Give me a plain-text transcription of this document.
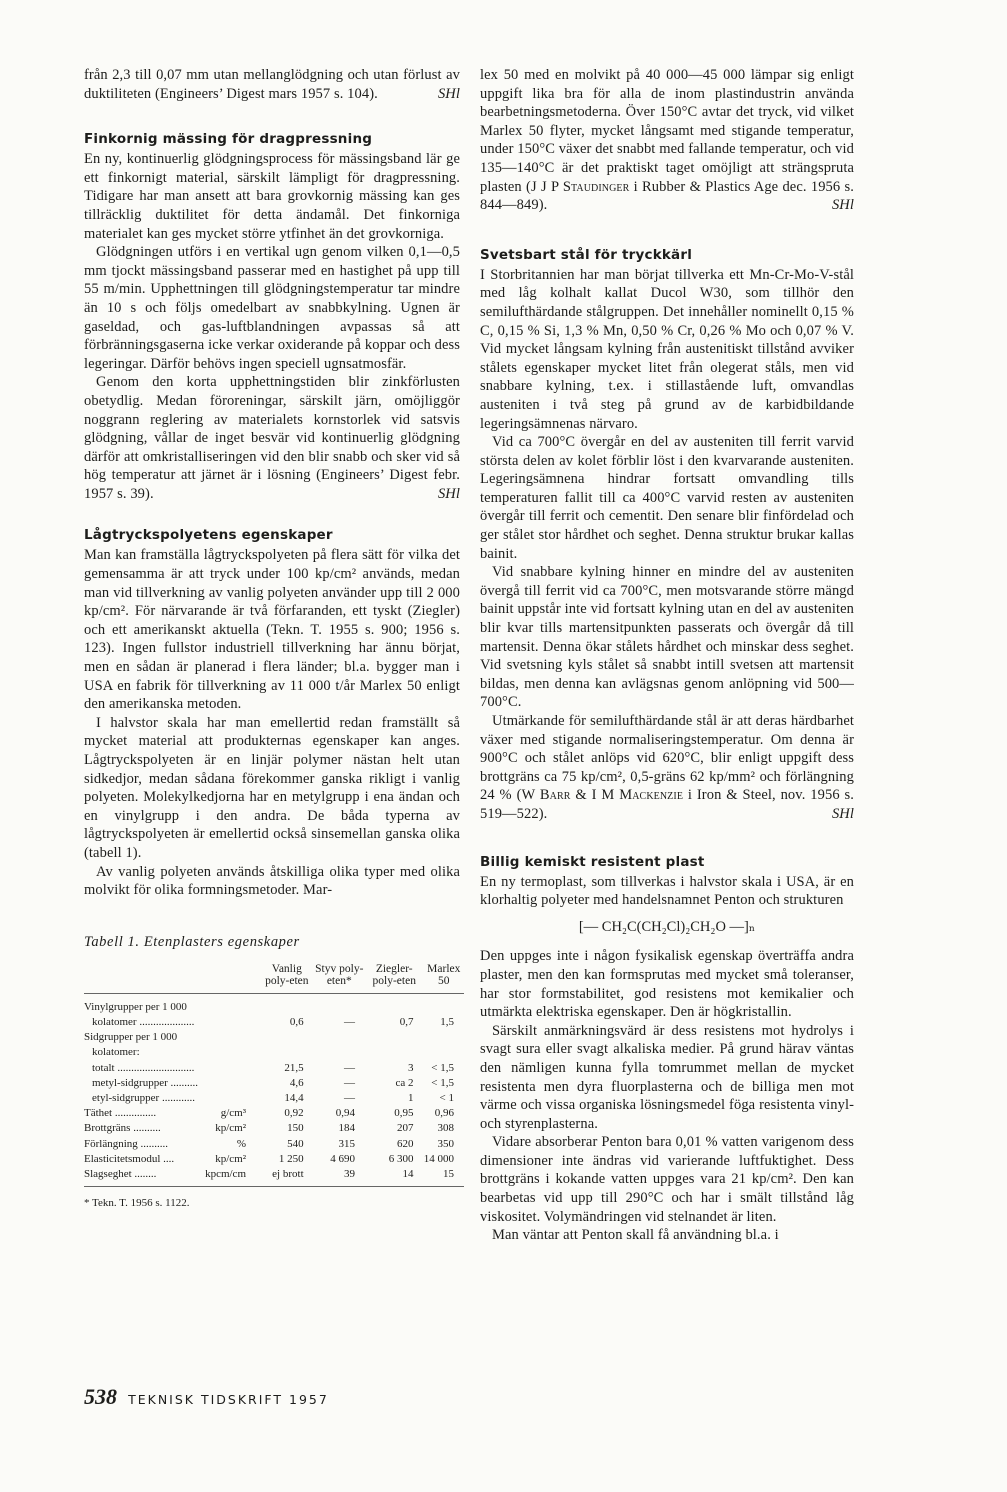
från 2,3 till 0,07 mm utan mellanglödgning och utan förlust av duktiliteten (Engineers’ Digest mars 1957 s. 104).	SHl

Finkornig mässing för dragpressning

En ny, kontinuerlig glödgningsprocess för mässingsband lär ge ett finkornigt material, särskilt lämpligt för dragpressning. Tidigare har man ansett att bara grovkornig mässing kan ges tillräcklig duktilitet för detta ändamål. Det finkorniga materialet kan ges mycket större ytfinhet än det grovkorniga.

Glödgningen utförs i en vertikal ugn genom vilken 0,1—0,5 mm tjockt mässingsband passerar med en hastighet på upp till 55 m/min. Upphettningen till glödgningstemperatur tar mindre än 10 s och följs omedelbart av snabbkylning. Ugnen är gaseldad, och gas-luftblandningen avpassas så att förbränningsgaserna icke verkar oxiderande på koppar och dess legeringar. Därför behövs ingen speciell ugnsatmosfär.

Genom den korta upphettningstiden blir zinkförlusten obetydlig. Medan föroreningar, särskilt järn, omöjliggör noggrann reglering av materialets kornstorlek vid satsvis glödgning, vållar de inget besvär vid kontinuerlig glödgning därför att omkristalliseringen vid den blir snabb och sker vid så hög temperatur att järnet är i lösning (Engineers’ Digest febr. 1957 s. 39).	SHl

Lågtryckspolyetens egenskaper

Man kan framställa lågtryckspolyeten på flera sätt för vilka det gemensamma är att tryck under 100 kp/cm² används, medan man vid tillverkning av vanlig polyeten använder upp till 2 000 kp/cm². För närvarande är två förfaranden, ett tyskt (Ziegler) och ett amerikanskt aktuella (Tekn. T. 1955 s. 900; 1956 s. 123). Ingen fullstor industriell tillverkning har ännu börjat, men en sådan är planerad i flera länder; bl.a. bygger man i USA en fabrik för tillverkning av 11 000 t/år Marlex 50 enligt den amerikanska metoden.

I halvstor skala har man emellertid redan framställt så mycket material att produkternas egenskaper kan anges. Lågtryckspolyeten är en linjär polymer nästan helt utan sidkedjor, medan sådana förekommer ganska rikligt i vanlig polyeten. Molekylkedjorna har en metylgrupp i ena ändan och en vinylgrupp i den andra. De båda typerna av lågtryckspolyeten är emellertid också sinsemellan ganska olika (tabell 1).

Av vanlig polyeten används åtskilliga olika typer med olika molvikt för olika formningsmetoder. Mar-

Tabell 1. Etenplasters egenskaper
		Vanlig poly-eten	Styv poly-eten*	Ziegler-poly-eten	Marlex 50
Vinylgrupper per 1 000					
kolatomer ....................		0,6	—	0,7	1,5
Sidgrupper per 1 000					
kolatomer:					
totalt ............................		21,5	—	3	< 1,5
metyl-sidgrupper ..........		4,6	—	ca 2	< 1,5
etyl-sidgrupper ............		14,4	—	1	< 1
Täthet ...............	g/cm³	0,92	0,94	0,95	0,96
Brottgräns ..........	kp/cm²	150	184	207	308
Förlängning ..........	%	540	315	620	350
Elasticitetsmodul ....	kp/cm²	1 250	4 690	6 300	14 000
Slagseghet ........	kpcm/cm	ej brott	39	14	15
* Tekn. T. 1956 s. 1122.

lex 50 med en molvikt på 40 000—45 000 lämpar sig enligt uppgift lika bra för alla de inom plastindustrin använda bearbetningsmetoderna. Över 150°C avtar det tryck, vid vilket Marlex 50 flyter, mycket långsamt med stigande temperatur, under 150°C växer det snabbt med fallande temperatur, och vid 135—140°C är det praktiskt taget omöjligt att strängspruta plasten (J J P Staudinger i Rubber & Plastics Age dec. 1956 s. 844—849).	SHl

Svetsbart stål för tryckkärl

I Storbritannien har man börjat tillverka ett Mn-Cr-Mo-V-stål med låg kolhalt kallat Ducol W30, som tillhör den semilufthärdande stålgruppen. Det innehåller nominellt 0,15 % C, 0,15 % Si, 1,3 % Mn, 0,50 % Cr, 0,26 % Mo och 0,07 % V. Vid mycket långsam kylning från austenitiskt tillstånd avviker stålets egenskaper mycket litet från olegerat ståls, men vid snabbare kylning, t.ex. i stillastående luft, omvandlas austeniten i två steg på grund av de karbidbildande legeringsämnenas närvaro.

Vid ca 700°C övergår en del av austeniten till ferrit varvid största delen av kolet förblir löst i den kvarvarande austeniten. Legeringsämnena hindrar fortsatt omvandling tills temperaturen fallit till ca 400°C varvid resten av austeniten övergår till ferrit och cementit. Den senare blir finfördelad och ger stålet stor hårdhet och seghet. Denna struktur brukar kallas bainit.

Vid snabbare kylning hinner en mindre del av austeniten övergå till ferrit vid ca 700°C, men motsvarande större mängd bainit uppstår inte vid fortsatt kylning utan en del av austeniten blir kvar tills martensitpunkten passerats och övergår då till martensit. Denna ökar stålets hårdhet och minskar dess seghet. Vid svetsning kyls stålet så snabbt intill svetsen att martensit bildas, men denna kan avlägsnas genom anlöpning vid 500—700°C.

Utmärkande för semilufthärdande stål är att deras härdbarhet växer med stigande normaliseringstemperatur. Om denna är 900°C och stålet anlöps vid 620°C, blir enligt uppgift dess brottgräns ca 75 kp/cm², 0,5-gräns 62 kp/mm² och förlängning 24 % (W Barr & I M Mackenzie i Iron & Steel, nov. 1956 s. 519—522).	SHl

Billig kemiskt resistent plast

En ny termoplast, som tillverkas i halvstor skala i USA, är en klorhaltig polyeter med handelsnamnet Penton och strukturen

[— CH₂C(CH₂Cl)₂CH₂O —]ₙ

Den uppges inte i någon fysikalisk egenskap överträffa andra plaster, men den kan formsprutas med mycket små toleranser, har stor formstabilitet, god resistens mot kemikalier och utmärkta elektriska egenskaper. Den är högkristallin.

Särskilt anmärkningsvärd är dess resistens mot hydrolys i svagt sura eller svagt alkaliska medier. På grund härav väntas den nämligen kunna fylla tomrummet mellan de mycket resistenta men dyra fluorplasterna och de billiga men mot värme och vissa organiska lösningsmedel föga resistenta vinyl- och styrenplasterna.

Vidare absorberar Penton bara 0,01 % vatten varigenom dess dimensioner inte ändras vid varierande luftfuktighet. Dess brottgräns i kokande vatten uppges vara 21 kp/cm². Den kan bearbetas vid upp till 290°C och har i smält tillstånd låg viskositet. Volymändringen vid stelnandet är liten.

Man väntar att Penton skall få användning bl.a. i

538 TEKNISK TIDSKRIFT 1957
